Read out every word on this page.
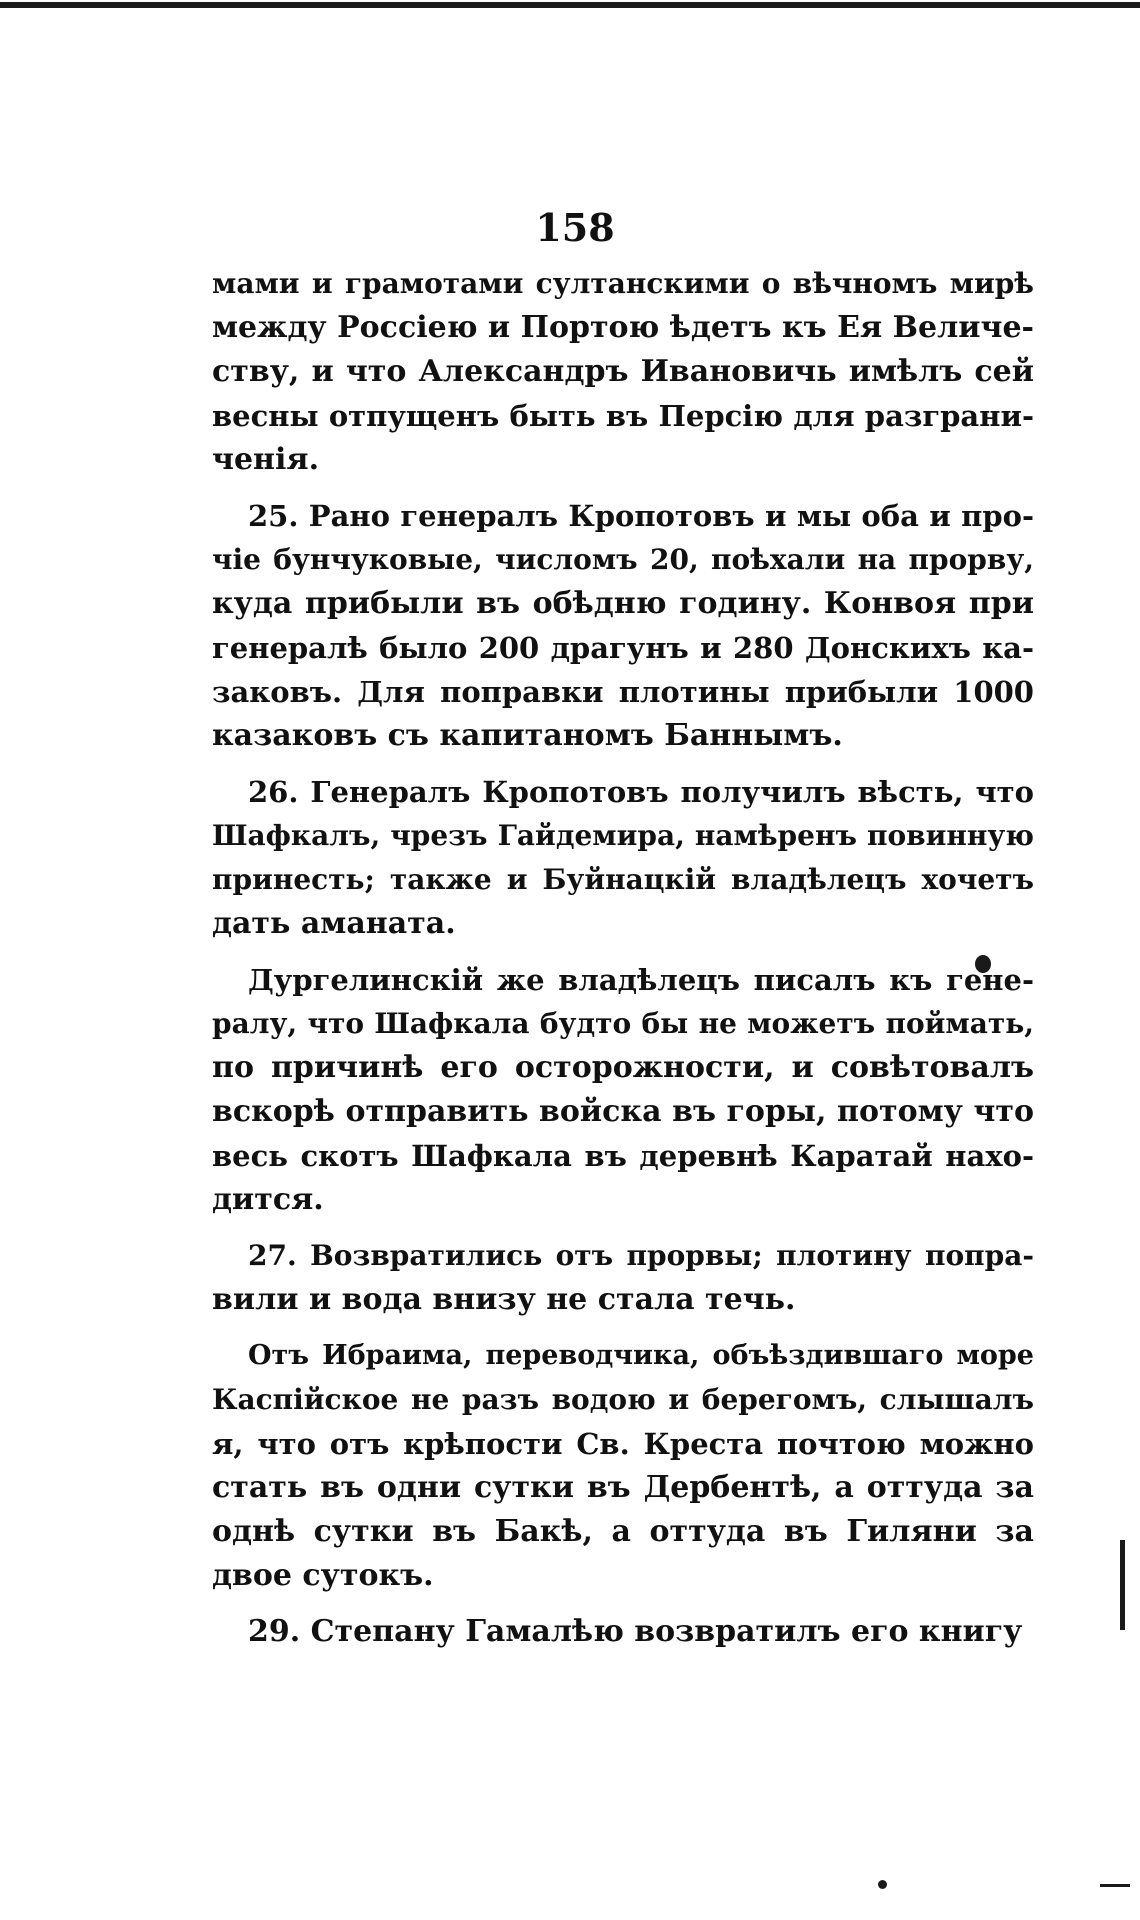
158
мами и грамотами султанскими о вѣчномъ мирѣ
между Россіею и Портою ѣдетъ къ Ея Величе-
ству, и что Александръ Ивановичь имѣлъ сей
весны отпущенъ быть въ Персію для разграни-
ченія.
25. Рано генералъ Кропотовъ и мы оба и про-
чіе бунчуковые, числомъ 20, поѣхали на прорву,
куда прибыли въ обѣдню годину. Конвоя при
генералѣ было 200 драгунъ и 280 Донскихъ ка-
заковъ. Для поправки плотины прибыли 1000
казаковъ съ капитаномъ Баннымъ.
26. Генералъ Кропотовъ получилъ вѣсть, что
Шафкалъ, чрезъ Гайдемира, намѣренъ повинную
принесть; также и Буйнацкій владѣлецъ хочетъ
дать аманата.
Дургелинскій же владѣлецъ писалъ къ гене-
ралу, что Шафкала будто бы не можетъ поймать,
по причинѣ его осторожности, и совѣтовалъ
вскорѣ отправить войска въ горы, потому что
весь скотъ Шафкала въ деревнѣ Каратай нахо-
дится.
27. Возвратились отъ прорвы; плотину попра-
вили и вода внизу не стала течь.
Отъ Ибраима, переводчика, объѣздившаго море
Каспійское не разъ водою и берегомъ, слышалъ
я, что отъ крѣпости Св. Креста почтою можно
стать въ одни сутки въ Дербентѣ, а оттуда за
однѣ сутки въ Бакѣ, а оттуда въ Гиляни за
двое сутокъ.
29. Степану Гамалѣю возвратилъ его книгу
